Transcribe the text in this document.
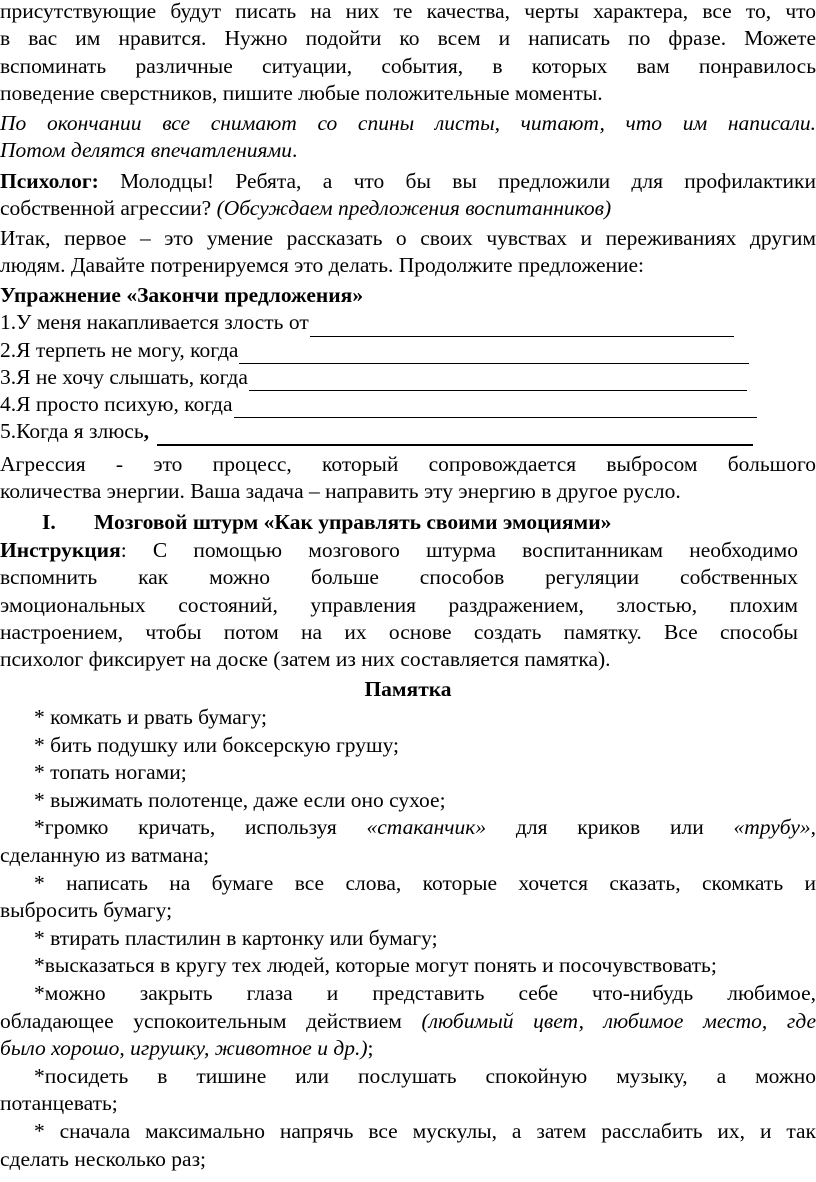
присутствующие будут писать на них те качества, черты характера, все то, что

в вас им нравится. Нужно подойти ко всем и написать по фразе. Можете

вспоминать различные ситуации, события, в которых вам понравилось

поведение сверстников, пишите любые положительные моменты.

По окончании все снимают со спины листы, читают, что им написали.

Потом делятся впечатлениями.

Психолог: Молодцы! Ребята, а что бы вы предложили для профилактики

собственной агрессии? (Обсуждаем предложения воспитанников)

Итак, первое – это умение рассказать о своих чувствах и переживаниях другим

людям. Давайте потренируемся это делать. Продолжите предложение:

Упражнение «Закончи предложения»

1.У меня накапливается злость от
2.Я терпеть не могу, когда
3.Я не хочу слышать, когда
4.Я просто психую, когда
5.Когда я злюсь ,

Агрессия - это процесс, который сопровождается выбросом большого

количества энергии. Ваша задача – направить эту энергию в другое русло.

I.	Мозговой штурм «Как управлять своими эмоциями»

Инструкция: С помощью мозгового штурма воспитанникам необходимо

вспомнить как можно больше способов регуляции собственных

эмоциональных состояний, управления раздражением, злостью, плохим

настроением, чтобы потом на их основе создать памятку. Все способы

психолог фиксирует на доске (затем из них составляется памятка).

Памятка

* комкать и рвать бумагу;

* бить подушку или боксерскую грушу;

* топать ногами;

* выжимать полотенце, даже если оно сухое;

*громко кричать, используя «стаканчик» для криков или «трубу»,

сделанную из ватмана;

* написать на бумаге все слова, которые хочется сказать, скомкать и

выбросить бумагу;

* втирать пластилин в картонку или бумагу;

*высказаться в кругу тех людей, которые могут понять и посочувствовать;

*можно закрыть глаза и представить себе что-нибудь любимое,

обладающее успокоительным действием (любимый цвет, любимое место, где

было хорошо, игрушку, животное и др.);

*посидеть в тишине или послушать спокойную музыку, а можно

потанцевать;

* сначала максимально напрячь все мускулы, а затем расслабить их, и так

сделать несколько раз;
